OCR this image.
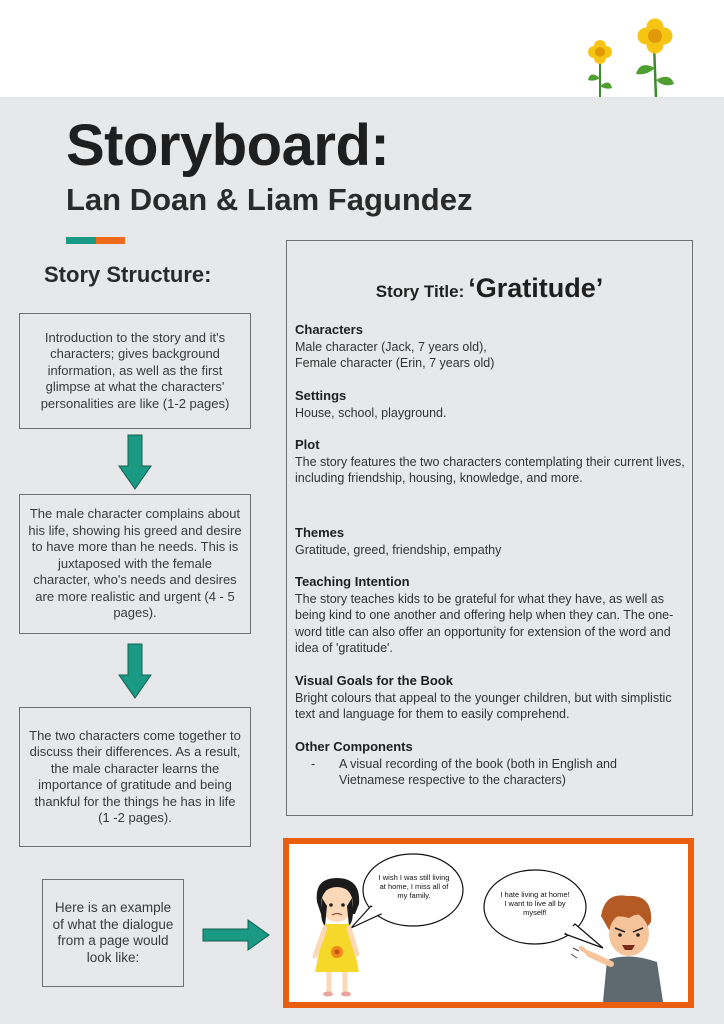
Storyboard:
Lan Doan & Liam Fagundez
Story Structure:
Introduction to the story and it's characters; gives background information, as well as the first glimpse at what the characters' personalities are like (1-2 pages)
The male character complains about his life, showing his greed and desire to have more than he needs. This is juxtaposed with the female character, who's needs and desires are more realistic and urgent (4 - 5 pages).
The two characters come together to discuss their differences. As a result, the male character learns the importance of gratitude and being thankful for the things he has in life
(1 -2 pages).
Here is an example of what the dialogue from a page would look like:
Story Title: ‘Gratitude’
Characters
Male character (Jack, 7 years old),
Female character (Erin, 7 years old)
Settings
House, school, playground.
Plot
The story features the two characters contemplating their current lives, including friendship, housing, knowledge, and more.
Themes
Gratitude, greed, friendship, empathy
Teaching Intention
The story teaches kids to be grateful for what they have, as well as being kind to one another and offering help when they can. The one-word title can also offer an opportunity for extension of the word and idea of 'gratitude'.
Visual Goals for the Book
Bright colours that appeal to the younger children, but with simplistic text and language for them to easily comprehend.
Other Components
-	A visual recording of the book (both in English and Vietnamese respective to the characters)
I wish I was still living at home, I miss all of my family.	I hate living at home! I want to live all by myself!
